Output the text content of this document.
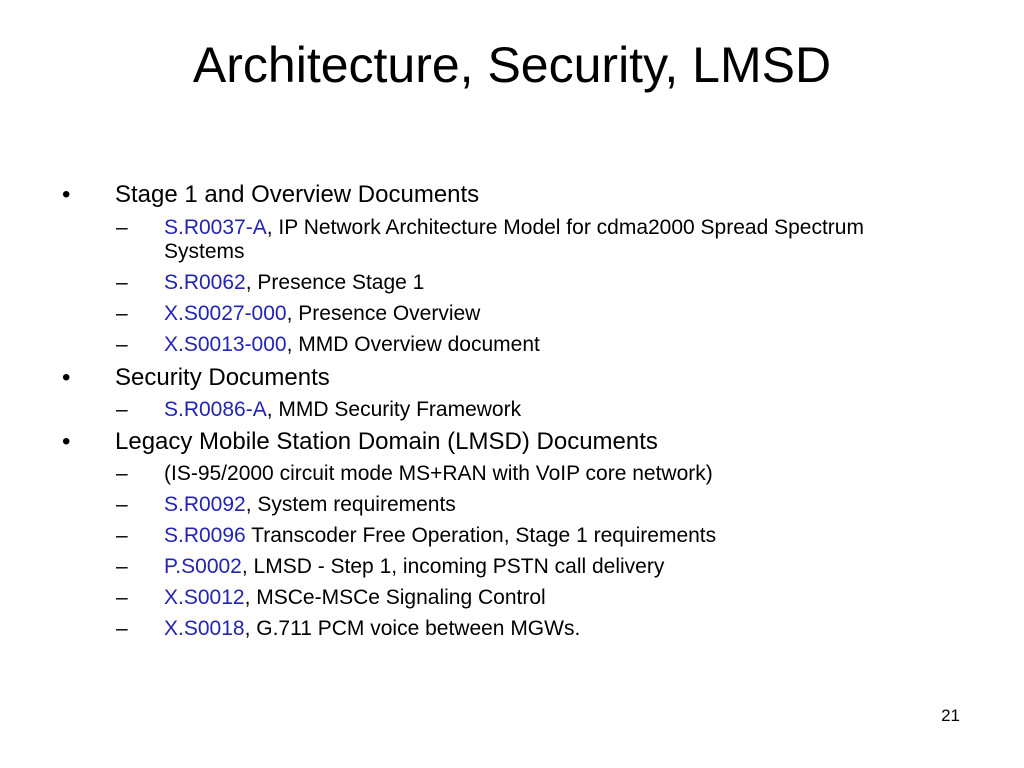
Architecture, Security, LMSD
• Stage 1 and Overview Documents
– S.R0037-A, IP Network Architecture Model for cdma2000 Spread Spectrum Systems
– S.R0062, Presence Stage 1
– X.S0027-000, Presence Overview
– X.S0013-000, MMD Overview document
• Security Documents
– S.R0086-A, MMD Security Framework
• Legacy Mobile Station Domain (LMSD) Documents
– (IS-95/2000 circuit mode MS+RAN with VoIP core network)
– S.R0092, System requirements
– S.R0096 Transcoder Free Operation, Stage 1 requirements
– P.S0002, LMSD - Step 1, incoming PSTN call delivery
– X.S0012, MSCe-MSCe Signaling Control
– X.S0018, G.711 PCM voice between MGWs.
21
